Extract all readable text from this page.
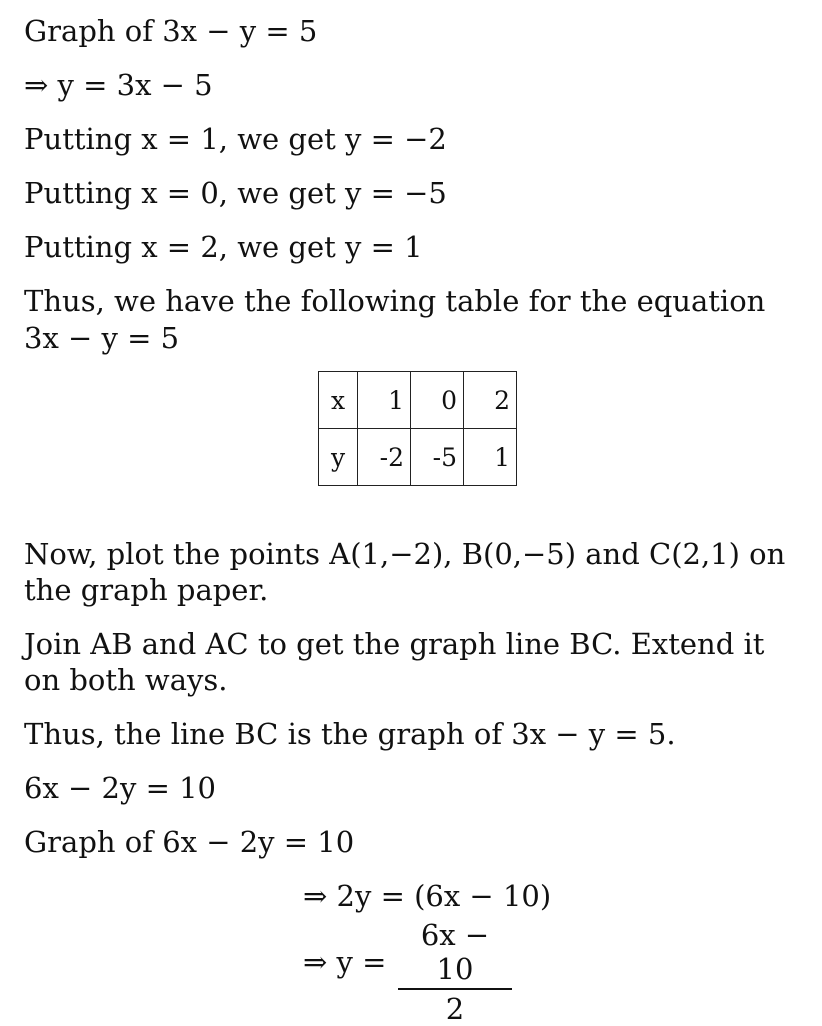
Graph of 3x − y = 5
⇒ y = 3x − 5
Putting x = 1, we get y = −2
Putting x = 0, we get y = −5
Putting x = 2, we get y = 1
Thus, we have the following table for the equation
3x − y = 5
x	1	0	2
y	-2	-5	1
Now, plot the points A(1,−2), B(0,−5) and C(2,1) on the graph paper.
Join AB and AC to get the graph line BC. Extend it on both ways.
Thus, the line BC is the graph of 3x − y = 5.
6x − 2y = 10
Graph of 6x − 2y = 10
⇒ 2y = (6x − 10)
⇒ y =
6x − 10
2
